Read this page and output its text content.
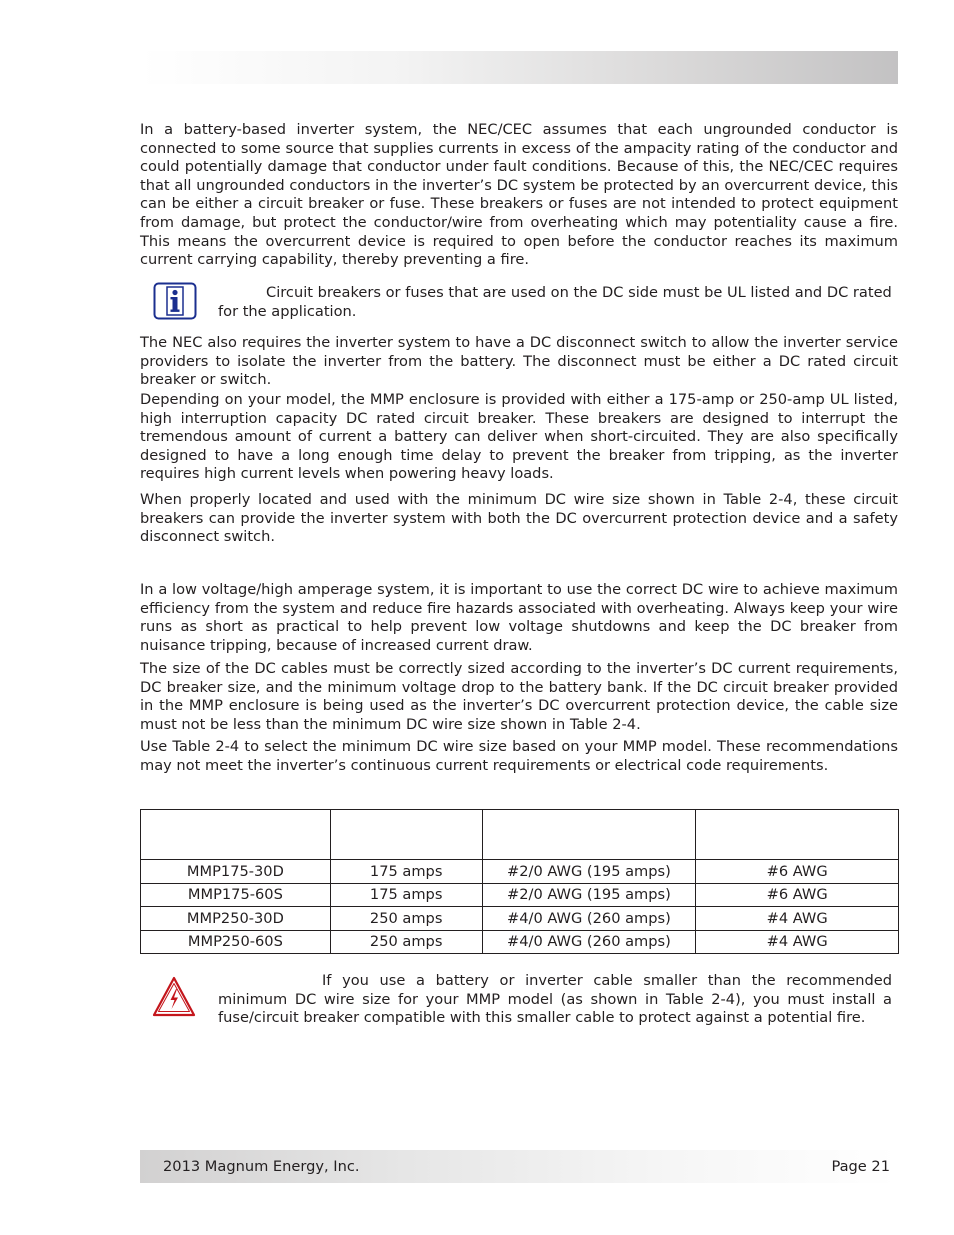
In a battery-based inverter system, the NEC/CEC assumes that each ungrounded conductor is connected to some source that supplies currents in excess of the ampacity rating of the conductor and could potentially damage that conductor under fault conditions. Because of this, the NEC/CEC requires that all ungrounded conductors in the inverter’s DC system be protected by an overcurrent device, this can be either a circuit breaker or fuse. These breakers or fuses are not intended to protect equipment from damage, but protect the conductor/wire from overheating which may potentiality cause a fire. This means the overcurrent device is required to open before the conductor reaches its maximum current carrying capability, thereby preventing a fire.

Circuit breakers or fuses that are used on the DC side must be UL listed and DC rated for the application.

The NEC also requires the inverter system to have a DC disconnect switch to allow the inverter service providers to isolate the inverter from the battery. The disconnect must be either a DC rated circuit breaker or switch.

Depending on your model, the MMP enclosure is provided with either a 175-amp or 250-amp UL listed, high interruption capacity DC rated circuit breaker. These breakers are designed to interrupt the tremendous amount of current a battery can deliver when short-circuited. They are also specifically designed to have a long enough time delay to prevent the breaker from tripping, as the inverter requires high current levels when powering heavy loads.

When properly located and used with the minimum DC wire size shown in Table 2-4, these circuit breakers can provide the inverter system with both the DC overcurrent protection device and a safety disconnect switch.

In a low voltage/high amperage system, it is important to use the correct DC wire to achieve maximum efficiency from the system and reduce fire hazards associated with overheating. Always keep your wire runs as short as practical to help prevent low voltage shutdowns and keep the DC breaker from nuisance tripping, because of increased current draw.

The size of the DC cables must be correctly sized according to the inverter’s DC current requirements, DC breaker size, and the minimum voltage drop to the battery bank. If the DC circuit breaker provided in the MMP enclosure is being used as the inverter’s DC overcurrent protection device, the cable size must not be less than the minimum DC wire size shown in Table 2-4.

Use Table 2-4 to select the minimum DC wire size based on your MMP model. These recommendations may not meet the inverter’s continuous current requirements or electrical code requirements.

MMP175-30D	175 amps	#2/0 AWG (195 amps)	#6 AWG
MMP175-60S	175 amps	#2/0 AWG (195 amps)	#6 AWG
MMP250-30D	250 amps	#4/0 AWG (260 amps)	#4 AWG
MMP250-60S	250 amps	#4/0 AWG (260 amps)	#4 AWG

If you use a battery or inverter cable smaller than the recommended minimum DC wire size for your MMP model (as shown in Table 2-4), you must install a fuse/circuit breaker compatible with this smaller cable to protect against a potential fire.

2013 Magnum Energy, Inc.	Page 21
